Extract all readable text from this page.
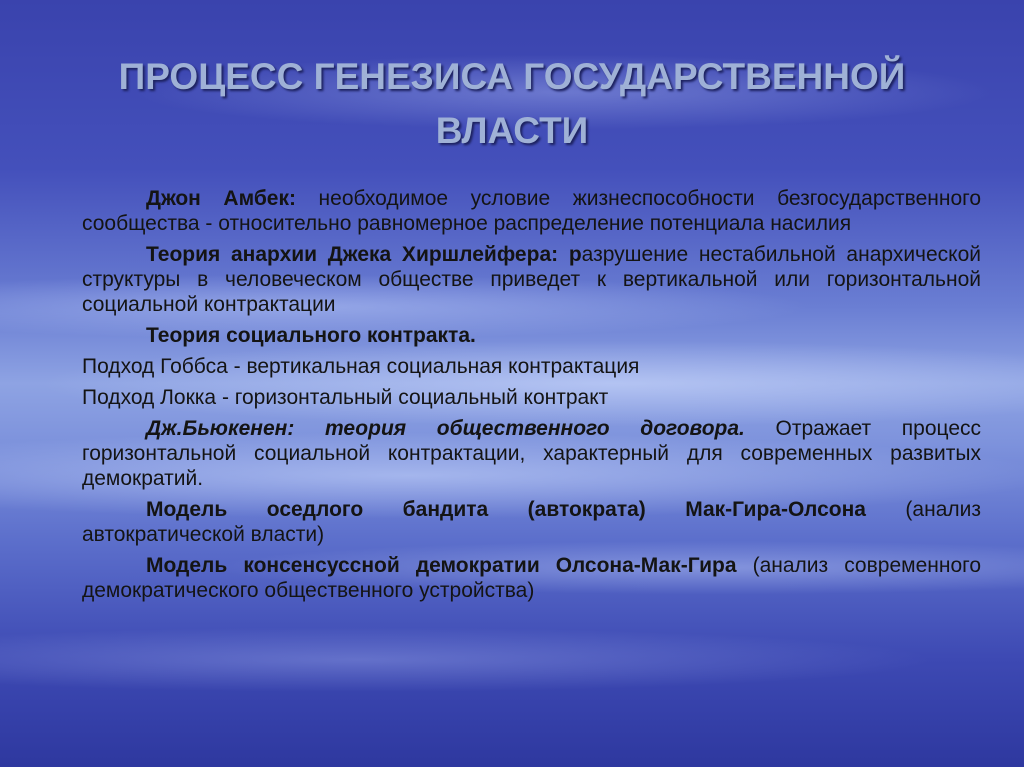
ПРОЦЕСС ГЕНЕЗИСА ГОСУДАРСТВЕННОЙ ВЛАСТИ

Джон Амбек: необходимое условие жизнеспособности безгосударственного сообщества - относительно равномерное распределение потенциала насилия

Теория анархии Джека Хиршлейфера: разрушение нестабильной анархической структуры в человеческом обществе приведет к вертикальной или горизонтальной социальной контрактации

Теория социального контракта.

Подход Гоббса - вертикальная социальная контрактация

Подход Локка - горизонтальный социальный контракт

Дж.Бьюкенен: теория общественного договора. Отражает процесс горизонтальной социальной контрактации, характерный для современных развитых демократий.

Модель оседлого бандита (автократа) Мак-Гира-Олсона (анализ автократической власти)

Модель консенсуссной демократии Олсона-Мак-Гира (анализ современного демократического общественного устройства)
